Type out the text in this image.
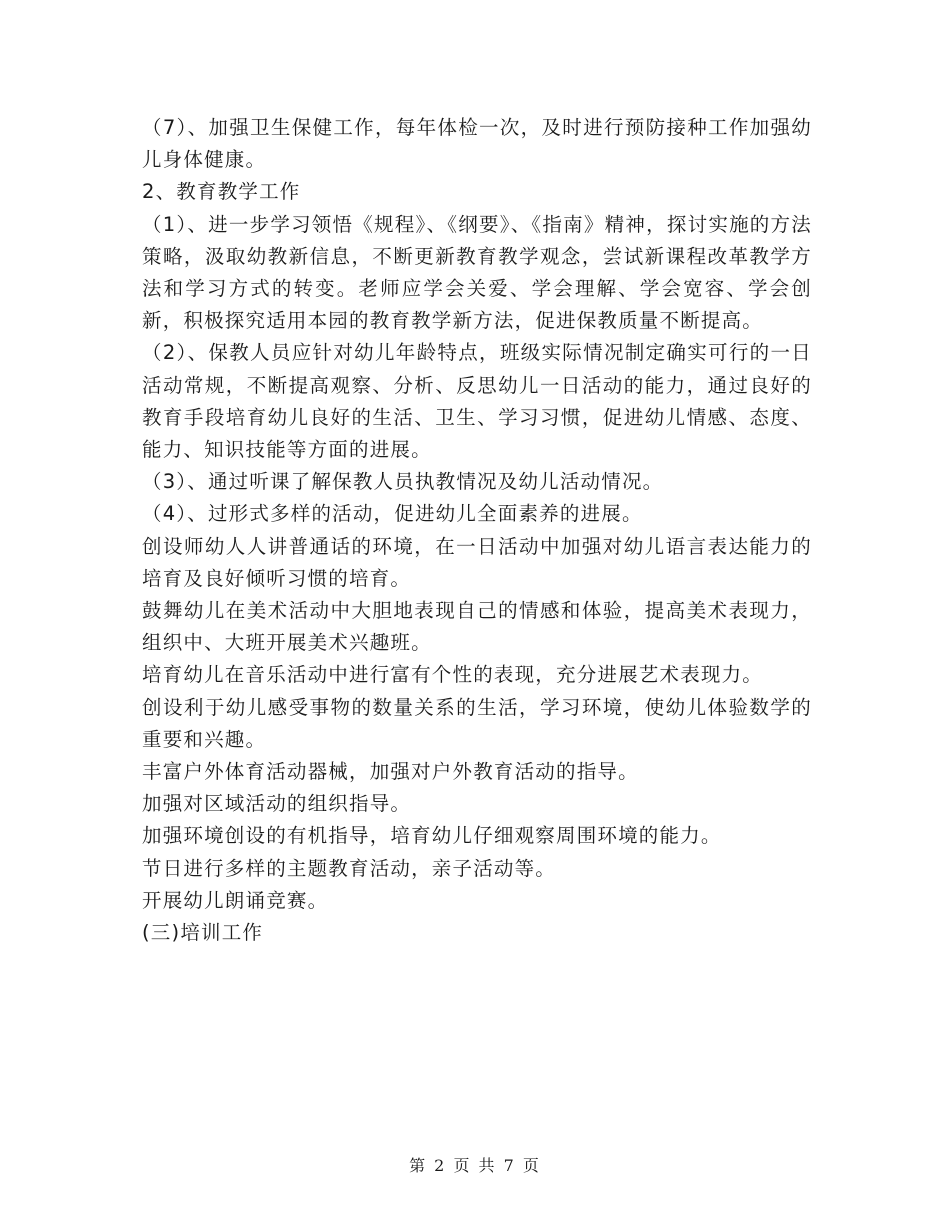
（7）、加强卫生保健工作，每年体检一次，及时进行预防接种工作加强幼儿身体健康。

2、教育教学工作

（1）、进一步学习领悟《规程》、《纲要》、《指南》精神，探讨实施的方法策略，汲取幼教新信息，不断更新教育教学观念，尝试新课程改革教学方法和学习方式的转变。老师应学会关爱、学会理解、学会宽容、学会创新，积极探究适用本园的教育教学新方法，促进保教质量不断提高。

（2）、保教人员应针对幼儿年龄特点，班级实际情况制定确实可行的一日活动常规，不断提高观察、分析、反思幼儿一日活动的能力，通过良好的教育手段培育幼儿良好的生活、卫生、学习习惯，促进幼儿情感、态度、能力、知识技能等方面的进展。

（3）、通过听课了解保教人员执教情况及幼儿活动情况。

（4）、过形式多样的活动，促进幼儿全面素养的进展。

创设师幼人人讲普通话的环境，在一日活动中加强对幼儿语言表达能力的培育及良好倾听习惯的培育。

鼓舞幼儿在美术活动中大胆地表现自己的情感和体验，提高美术表现力，组织中、大班开展美术兴趣班。

培育幼儿在音乐活动中进行富有个性的表现，充分进展艺术表现力。

创设利于幼儿感受事物的数量关系的生活，学习环境，使幼儿体验数学的重要和兴趣。

丰富户外体育活动器械，加强对户外教育活动的指导。

加强对区域活动的组织指导。

加强环境创设的有机指导，培育幼儿仔细观察周围环境的能力。

节日进行多样的主题教育活动，亲子活动等。

开展幼儿朗诵竞赛。

(三)培训工作

第 2 页 共 7 页
